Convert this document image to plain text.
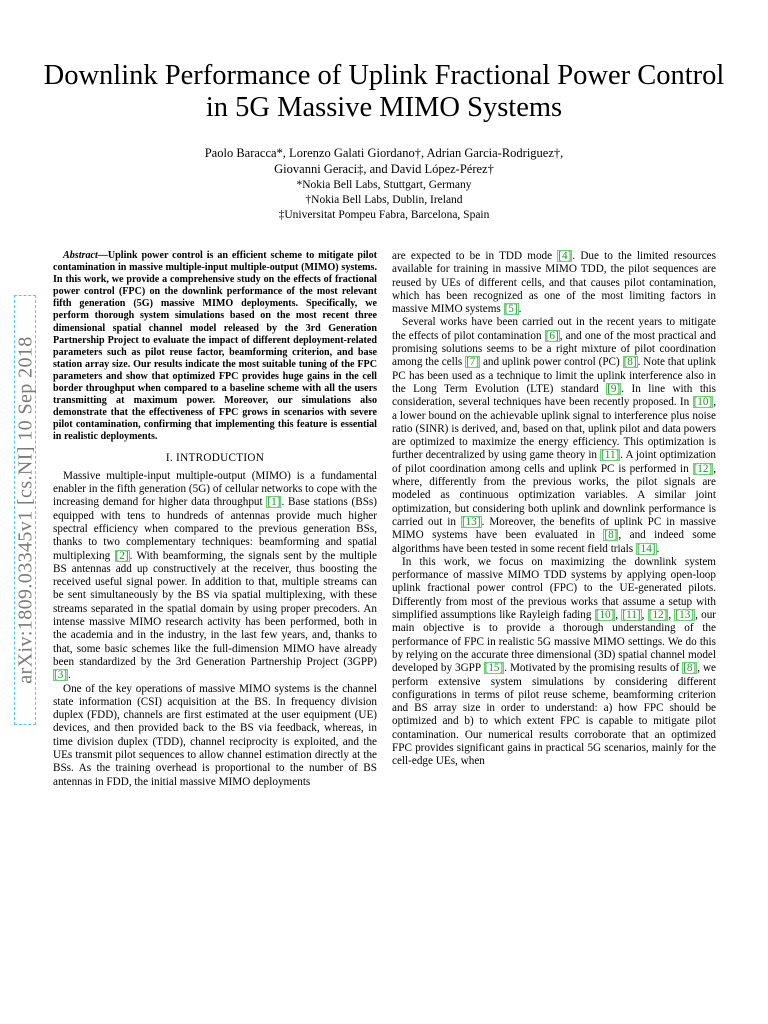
arXiv:1809.03345v1 [cs.NI] 10 Sep 2018
Downlink Performance of Uplink Fractional Power Control in 5G Massive MIMO Systems
Paolo Baracca*, Lorenzo Galati Giordano†, Adrian Garcia-Rodriguez†,
Giovanni Geraci‡, and David López-Pérez†
*Nokia Bell Labs, Stuttgart, Germany
†Nokia Bell Labs, Dublin, Ireland
‡Universitat Pompeu Fabra, Barcelona, Spain

Abstract—Uplink power control is an efficient scheme to mitigate pilot contamination in massive multiple-input multiple-output (MIMO) systems. In this work, we provide a comprehensive study on the effects of fractional power control (FPC) on the downlink performance of the most relevant fifth generation (5G) massive MIMO deployments. Specifically, we perform thorough system simulations based on the most recent three dimensional spatial channel model released by the 3rd Generation Partnership Project to evaluate the impact of different deployment-related parameters such as pilot reuse factor, beamforming criterion, and base station array size. Our results indicate the most suitable tuning of the FPC parameters and show that optimized FPC provides huge gains in the cell border throughput when compared to a baseline scheme with all the users transmitting at maximum power. Moreover, our simulations also demonstrate that the effectiveness of FPC grows in scenarios with severe pilot contamination, confirming that implementing this feature is essential in realistic deployments.

I. INTRODUCTION

Massive multiple-input multiple-output (MIMO) is a fundamental enabler in the fifth generation (5G) of cellular networks to cope with the increasing demand for higher data throughput [1]. Base stations (BSs) equipped with tens to hundreds of antennas provide much higher spectral efficiency when compared to the previous generation BSs, thanks to two complementary techniques: beamforming and spatial multiplexing [2]. With beamforming, the signals sent by the multiple BS antennas add up constructively at the receiver, thus boosting the received useful signal power. In addition to that, multiple streams can be sent simultaneously by the BS via spatial multiplexing, with these streams separated in the spatial domain by using proper precoders. An intense massive MIMO research activity has been performed, both in the academia and in the industry, in the last few years, and, thanks to that, some basic schemes like the full-dimension MIMO have already been standardized by the 3rd Generation Partnership Project (3GPP) [3].

One of the key operations of massive MIMO systems is the channel state information (CSI) acquisition at the BS. In frequency division duplex (FDD), channels are first estimated at the user equipment (UE) devices, and then provided back to the BS via feedback, whereas, in time division duplex (TDD), channel reciprocity is exploited, and the UEs transmit pilot sequences to allow channel estimation directly at the BSs. As the training overhead is proportional to the number of BS antennas in FDD, the initial massive MIMO deployments

are expected to be in TDD mode [4]. Due to the limited resources available for training in massive MIMO TDD, the pilot sequences are reused by UEs of different cells, and that causes pilot contamination, which has been recognized as one of the most limiting factors in massive MIMO systems [5].

Several works have been carried out in the recent years to mitigate the effects of pilot contamination [6], and one of the most practical and promising solutions seems to be a right mixture of pilot coordination among the cells [7] and uplink power control (PC) [8]. Note that uplink PC has been used as a technique to limit the uplink interference also in the Long Term Evolution (LTE) standard [9]. In line with this consideration, several techniques have been recently proposed. In [10], a lower bound on the achievable uplink signal to interference plus noise ratio (SINR) is derived, and, based on that, uplink pilot and data powers are optimized to maximize the energy efficiency. This optimization is further decentralized by using game theory in [11]. A joint optimization of pilot coordination among cells and uplink PC is performed in [12], where, differently from the previous works, the pilot signals are modeled as continuous optimization variables. A similar joint optimization, but considering both uplink and downlink performance is carried out in [13]. Moreover, the benefits of uplink PC in massive MIMO systems have been evaluated in [8], and indeed some algorithms have been tested in some recent field trials [14].

In this work, we focus on maximizing the downlink system performance of massive MIMO TDD systems by applying open-loop uplink fractional power control (FPC) to the UE-generated pilots. Differently from most of the previous works that assume a setup with simplified assumptions like Rayleigh fading [10], [11], [12], [13], our main objective is to provide a thorough understanding of the performance of FPC in realistic 5G massive MIMO settings. We do this by relying on the accurate three dimensional (3D) spatial channel model developed by 3GPP [15]. Motivated by the promising results of [8], we perform extensive system simulations by considering different configurations in terms of pilot reuse scheme, beamforming criterion and BS array size in order to understand: a) how FPC should be optimized and b) to which extent FPC is capable to mitigate pilot contamination. Our numerical results corroborate that an optimized FPC provides significant gains in practical 5G scenarios, mainly for the cell-edge UEs, when
